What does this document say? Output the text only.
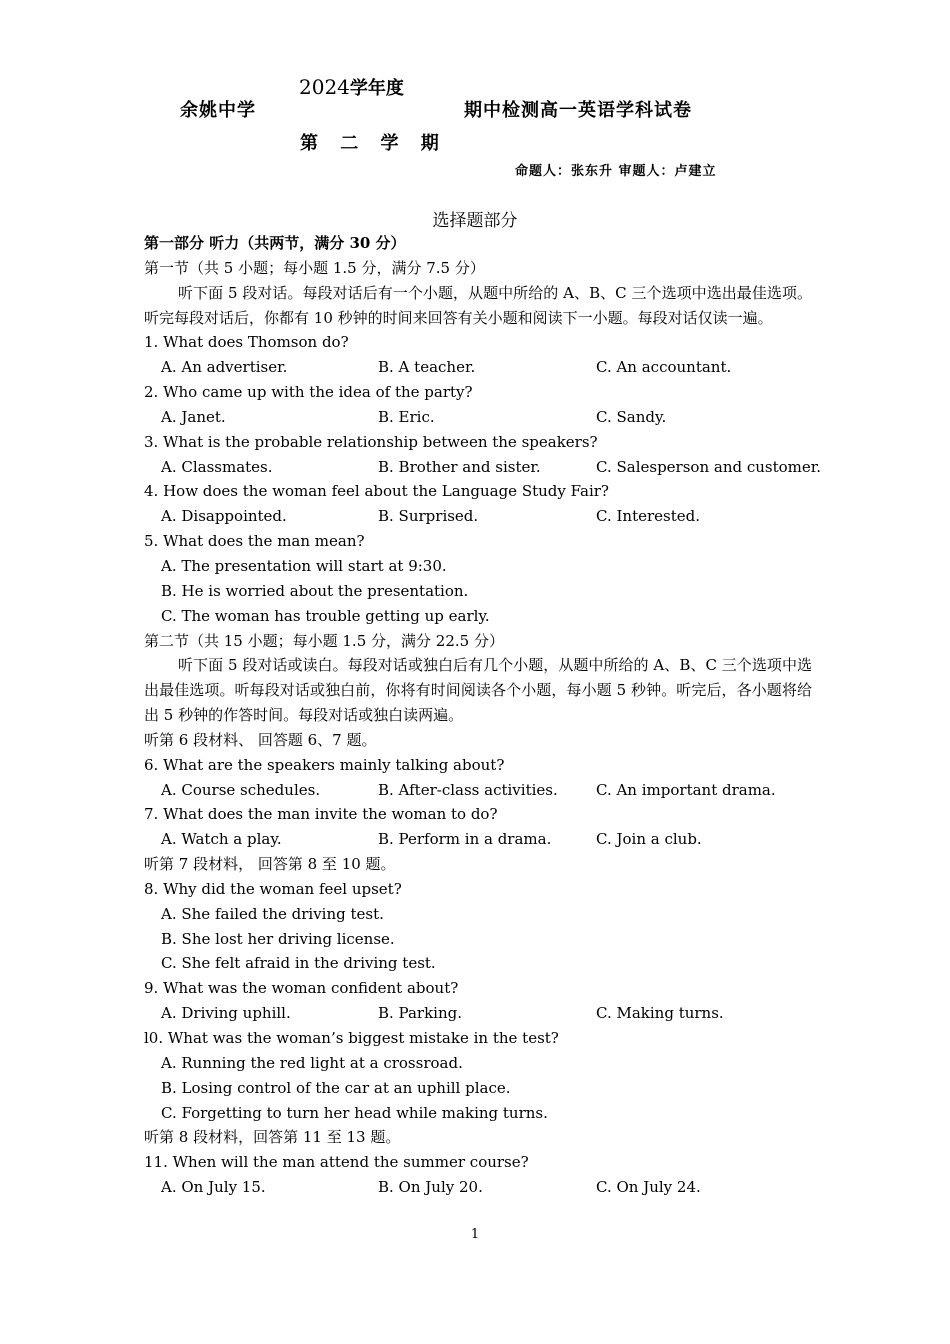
余姚中学
2024学年度
第 二 学 期
期中检测高一英语学科试卷
命题人：张东升 审题人：卢建立
选择题部分
第一部分 听力（共两节，满分 30 分）
第一节（共 5 小题；每小题 1.5 分，满分 7.5 分）
听下面 5 段对话。每段对话后有一个小题，从题中所给的 A、B、C 三个选项中选出最佳选项。听完每段对话后，你都有 10 秒钟的时间来回答有关小题和阅读下一小题。每段对话仅读一遍。
1. What does Thomson do?
A. An advertiser.	B. A teacher.	C. An accountant.
2. Who came up with the idea of the party?
A. Janet.	B. Eric.	C. Sandy.
3. What is the probable relationship between the speakers?
A. Classmates.	B. Brother and sister.	C. Salesperson and customer.
4. How does the woman feel about the Language Study Fair?
A. Disappointed.	B. Surprised.	C. Interested.
5. What does the man mean?
A. The presentation will start at 9:30.
B. He is worried about the presentation.
C. The woman has trouble getting up early.
第二节（共 15 小题；每小题 1.5 分，满分 22.5 分）
听下面 5 段对话或读白。每段对话或独白后有几个小题，从题中所给的 A、B、C 三个选项中选出最佳选项。听每段对话或独白前，你将有时间阅读各个小题，每小题 5 秒钟。听完后，各小题将给出 5 秒钟的作答时间。每段对话或独白读两遍。
听第 6 段材料、 回答题 6、7 题。
6. What are the speakers mainly talking about?
A. Course schedules.	B. After-class activities.	C. An important drama.
7. What does the man invite the woman to do?
A. Watch a play.	B. Perform in a drama.	C. Join a club.
听第 7 段材料， 回答第 8 至 10 题。
8. Why did the woman feel upset?
A. She failed the driving test.
B. She lost her driving license.
C. She felt afraid in the driving test.
9. What was the woman confident about?
A. Driving uphill.	B. Parking.	C. Making turns.
l0. What was the woman’s biggest mistake in the test?
A. Running the red light at a crossroad.
B. Losing control of the car at an uphill place.
C. Forgetting to turn her head while making turns.
听第 8 段材料，回答第 11 至 13 题。
11. When will the man attend the summer course?
A. On July 15.	B. On July 20.	C. On July 24.
1
